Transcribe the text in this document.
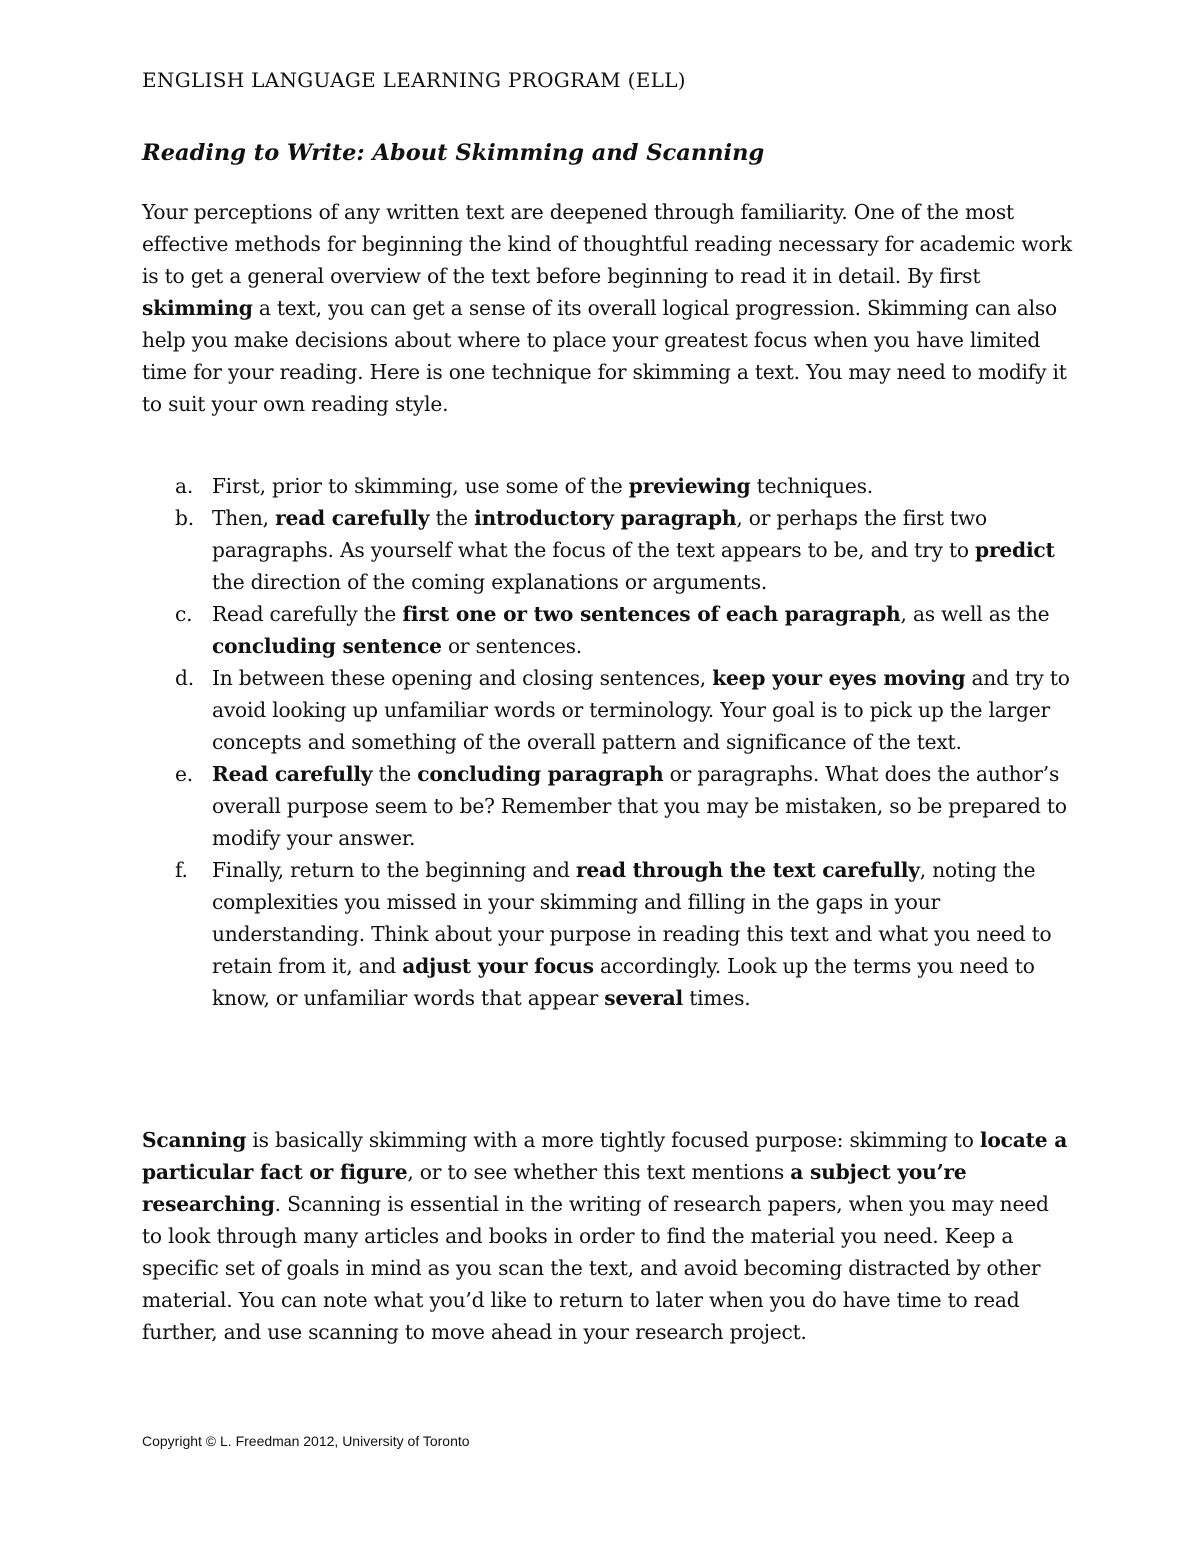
ENGLISH LANGUAGE LEARNING PROGRAM (ELL)
Reading to Write: About Skimming and Scanning
Your perceptions of any written text are deepened through familiarity. One of the most effective methods for beginning the kind of thoughtful reading necessary for academic work is to get a general overview of the text before beginning to read it in detail. By first skimming a text, you can get a sense of its overall logical progression. Skimming can also help you make decisions about where to place your greatest focus when you have limited time for your reading. Here is one technique for skimming a text. You may need to modify it to suit your own reading style.
a. First, prior to skimming, use some of the previewing techniques.
b. Then, read carefully the introductory paragraph, or perhaps the first two paragraphs. As yourself what the focus of the text appears to be, and try to predict the direction of the coming explanations or arguments.
c. Read carefully the first one or two sentences of each paragraph, as well as the concluding sentence or sentences.
d. In between these opening and closing sentences, keep your eyes moving and try to avoid looking up unfamiliar words or terminology. Your goal is to pick up the larger concepts and something of the overall pattern and significance of the text.
e. Read carefully the concluding paragraph or paragraphs. What does the author’s overall purpose seem to be? Remember that you may be mistaken, so be prepared to modify your answer.
f. Finally, return to the beginning and read through the text carefully, noting the complexities you missed in your skimming and filling in the gaps in your understanding. Think about your purpose in reading this text and what you need to retain from it, and adjust your focus accordingly. Look up the terms you need to know, or unfamiliar words that appear several times.
Scanning is basically skimming with a more tightly focused purpose: skimming to locate a particular fact or figure, or to see whether this text mentions a subject you’re researching. Scanning is essential in the writing of research papers, when you may need to look through many articles and books in order to find the material you need. Keep a specific set of goals in mind as you scan the text, and avoid becoming distracted by other material. You can note what you’d like to return to later when you do have time to read further, and use scanning to move ahead in your research project.
Copyright © L. Freedman 2012, University of Toronto
